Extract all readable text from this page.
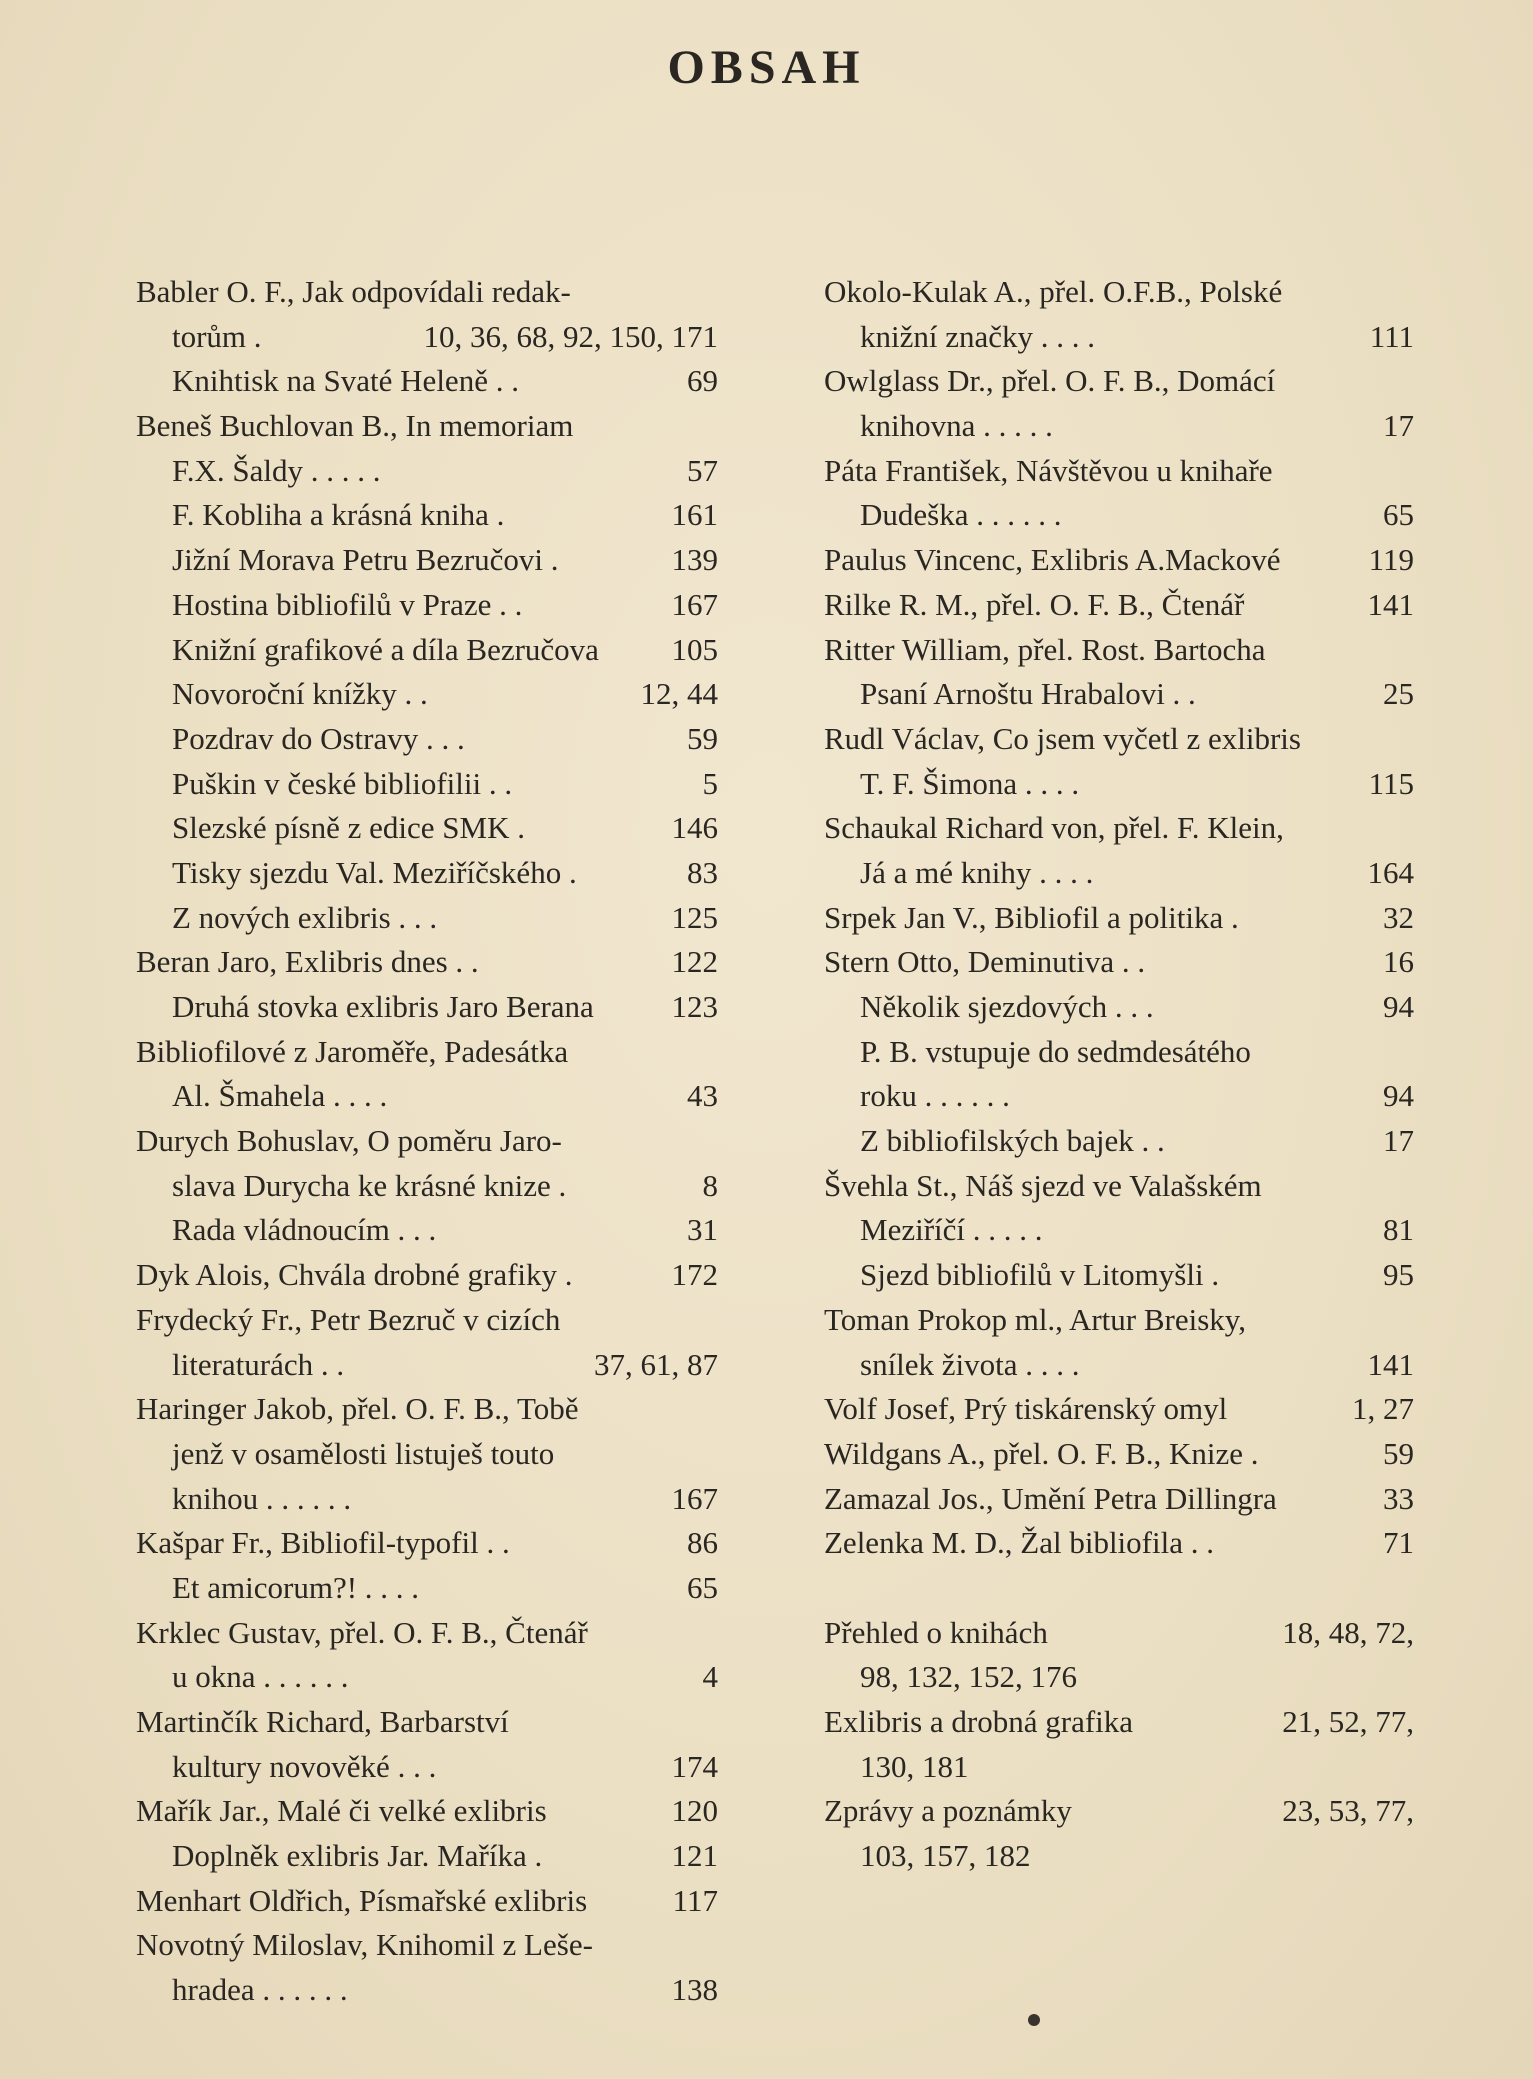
OBSAH
Babler O. F., Jak odpovídali redak-
torům .	10, 36, 68, 92, 150, 171
Knihtisk na Svaté Heleně . .	69
Beneš Buchlovan B., In memoriam
F.X. Šaldy . . . . .	57
F. Kobliha a krásná kniha .	161
Jižní Morava Petru Bezručovi .	139
Hostina bibliofilů v Praze . .	167
Knižní grafikové a díla Bezručova 105
Novoroční knížky . .	12, 44
Pozdrav do Ostravy . . .	59
Puškin v české bibliofilii . .	5
Slezské písně z edice SMK .	146
Tisky sjezdu Val. Meziříčského .	83
Z nových exlibris . . .	125
Beran Jaro, Exlibris dnes . .	122
Druhá stovka exlibris Jaro Berana	123
Bibliofilové z Jaroměře, Padesátka
Al. Šmahela . . . .	43
Durych Bohuslav, O poměru Jaro-
slava Durycha ke krásné knize .	8
Rada vládnoucím . . .	31
Dyk Alois, Chvála drobné grafiky .	172
Frydecký Fr., Petr Bezruč v cizích
literaturách . .	37, 61, 87
Haringer Jakob, přel. O. F. B., Tobě
jenž v osamělosti listuješ touto
knihou . . . . . .	167
Kašpar Fr., Bibliofil-typofil . .	86
Et amicorum?! . . . .	65
Krklec Gustav, přel. O. F. B., Čtenář
u okna . . . . . .	4
Martinčík Richard, Barbarství
kultury novověké . . .	174
Mařík Jar., Malé či velké exlibris	120
Doplněk exlibris Jar. Maříka .	121
Menhart Oldřich, Písmařské exlibris	117
Novotný Miloslav, Knihomil z Leše-
hradea . . . . . .	138
Okolo-Kulak A., přel. O.F.B., Polské
knižní značky . . . .	111
Owlglass Dr., přel. O. F. B., Domácí
knihovna . . . . .	17
Páta František, Návštěvou u knihaře
Dudeška . . . . . .	65
Paulus Vincenc, Exlibris A.Mackové	119
Rilke R. M., přel. O. F. B., Čtenář	141
Ritter William, přel. Rost. Bartocha
Psaní Arnoštu Hrabalovi . .	25
Rudl Václav, Co jsem vyčetl z exlibris
T. F. Šimona . . . .	115
Schaukal Richard von, přel. F. Klein,
Já a mé knihy . . . .	164
Srpek Jan V., Bibliofil a politika .	32
Stern Otto, Deminutiva . .	16
Několik sjezdových . . .	94
P. B. vstupuje do sedmdesátého
roku . . . . . .	94
Z bibliofilských bajek . .	17
Švehla St., Náš sjezd ve Valašském
Meziříčí . . . . .	81
Sjezd bibliofilů v Litomyšli .	95
Toman Prokop ml., Artur Breisky,
snílek života . . . .	141
Volf Josef, Prý tiskárenský omyl	1, 27
Wildgans A., přel. O. F. B., Knize .	59
Zamazal Jos., Umění Petra Dillingra	33
Zelenka M. D., Žal bibliofila . .	71
Přehled o knihách	18, 48, 72,
98, 132, 152, 176
Exlibris a drobná grafika	21, 52, 77,
130, 181
Zprávy a poznámky	23, 53, 77,
103, 157, 182
